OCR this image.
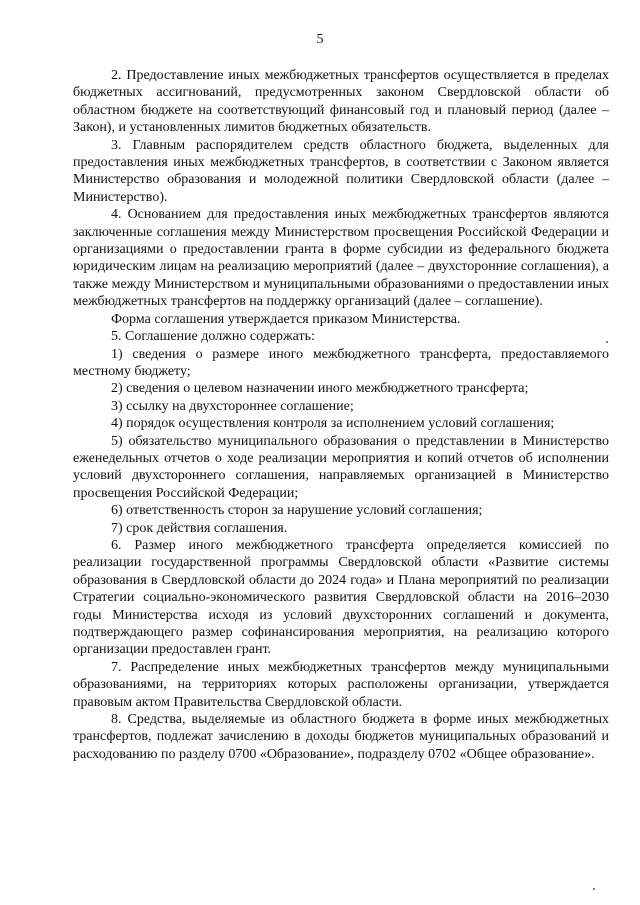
5

2. Предоставление иных межбюджетных трансфертов осуществляется в пределах бюджетных ассигнований, предусмотренных законом Свердловской области об областном бюджете на соответствующий финансовый год и плановый период (далее – Закон), и установленных лимитов бюджетных обязательств.

3. Главным распорядителем средств областного бюджета, выделенных для предоставления иных межбюджетных трансфертов, в соответствии с Законом является Министерство образования и молодежной политики Свердловской области (далее – Министерство).

4. Основанием для предоставления иных межбюджетных трансфертов являются заключенные соглашения между Министерством просвещения Российской Федерации и организациями о предоставлении гранта в форме субсидии из федерального бюджета юридическим лицам на реализацию мероприятий (далее – двухсторонние соглашения), а также между Министерством и муниципальными образованиями о предоставлении иных межбюджетных трансфертов на поддержку организаций (далее – соглашение).

Форма соглашения утверждается приказом Министерства.

5. Соглашение должно содержать:

1) сведения о размере иного межбюджетного трансферта, предоставляемого местному бюджету;

2) сведения о целевом назначении иного межбюджетного трансферта;

3) ссылку на двухстороннее соглашение;

4) порядок осуществления контроля за исполнением условий соглашения;

5) обязательство муниципального образования о представлении в Министерство еженедельных отчетов о ходе реализации мероприятия и копий отчетов об исполнении условий двухстороннего соглашения, направляемых организацией в Министерство просвещения Российской Федерации;

6) ответственность сторон за нарушение условий соглашения;

7) срок действия соглашения.

6. Размер иного межбюджетного трансферта определяется комиссией по реализации государственной программы Свердловской области «Развитие системы образования в Свердловской области до 2024 года» и Плана мероприятий по реализации Стратегии социально-экономического развития Свердловской области на 2016–2030 годы Министерства исходя из условий двухсторонних соглашений и документа, подтверждающего размер софинансирования мероприятия, на реализацию которого организации предоставлен грант.

7. Распределение иных межбюджетных трансфертов между муниципальными образованиями, на территориях которых расположены организации, утверждается правовым актом Правительства Свердловской области.

8. Средства, выделяемые из областного бюджета в форме иных межбюджетных трансфертов, подлежат зачислению в доходы бюджетов муниципальных образований и расходованию по разделу 0700 «Образование», подразделу 0702 «Общее образование».
